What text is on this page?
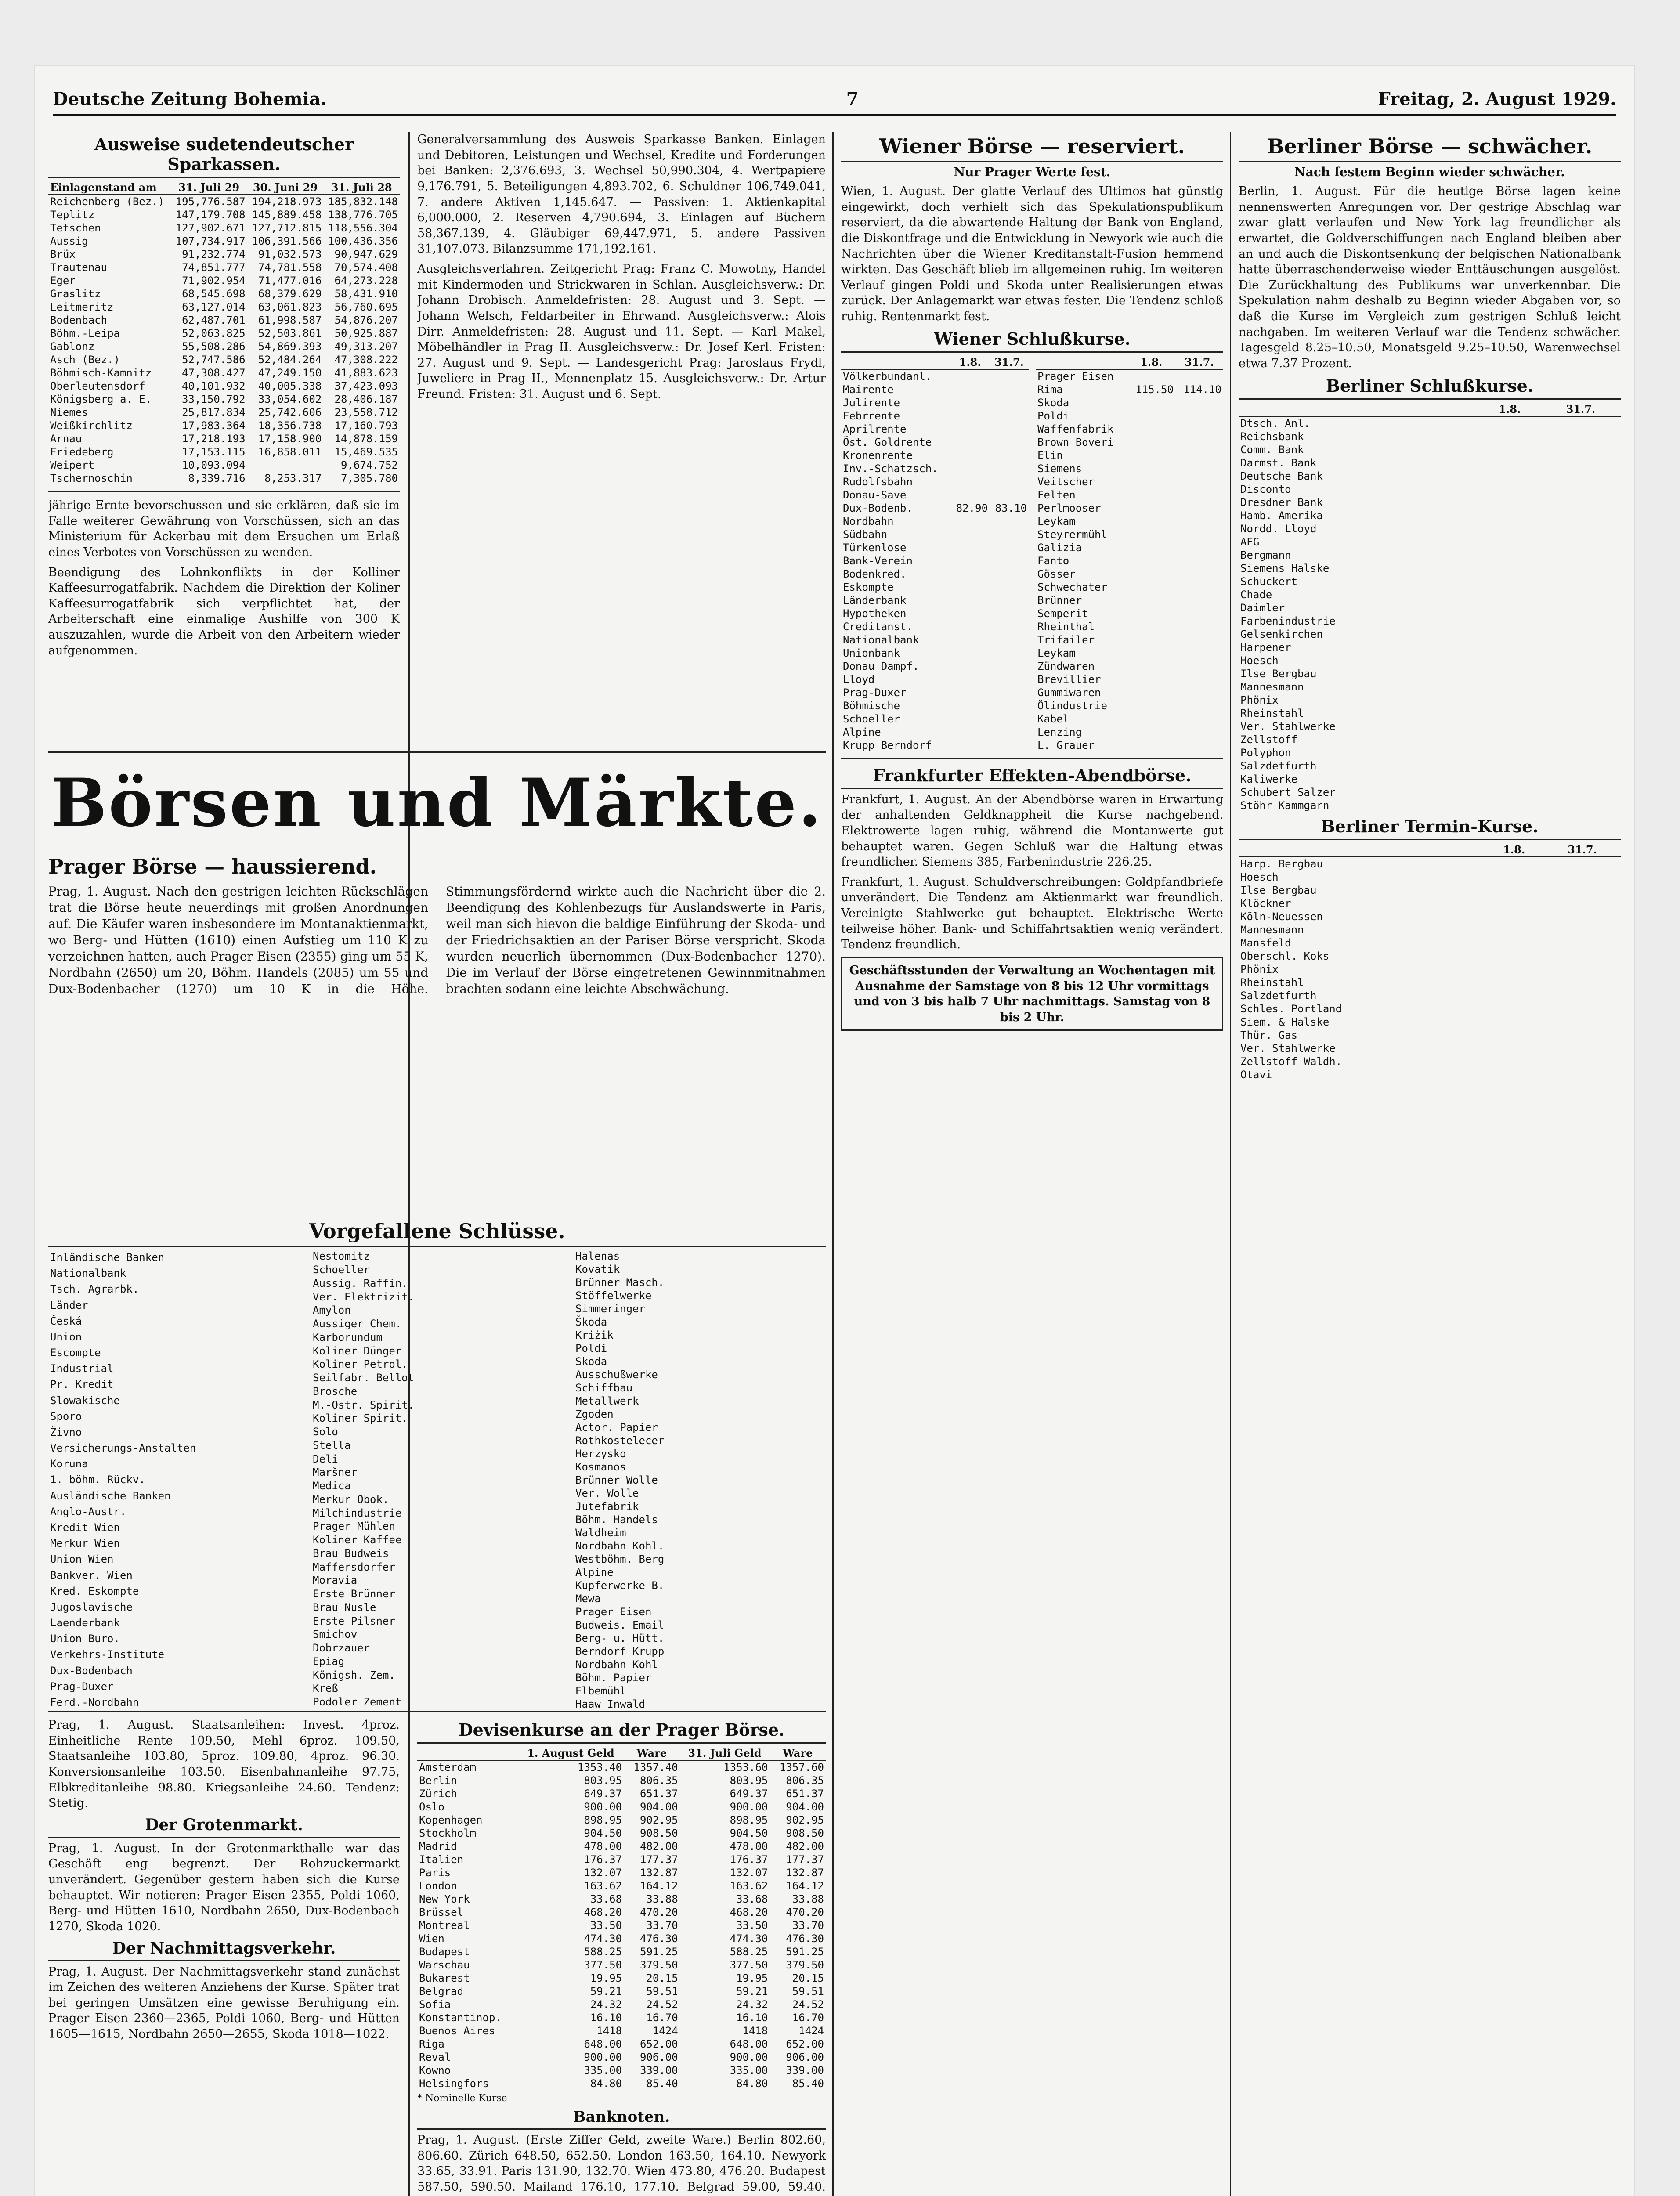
Deutsche Zeitung Bohemia.	7	Freitag, 2. August 1929.
Ausweise sudetendeutscher Sparkassen.
Einlagenstand am	31. Juli 29	30. Juni 29	31. Juli 28
Reichenberg (Bez.)	195,776.587	194,218.973	185,832.148
Teplitz	147,179.708	145,889.458	138,776.705
Tetschen	127,902.671	127,712.815	118,556.304
Aussig	107,734.917	106,391.566	100,436.356
Brüx	91,232.774	91,032.573	90,947.629
Trautenau	74,851.777	74,781.558	70,574.408
Eger	71,902.954	71,477.016	64,273.228
Graslitz	68,545.698	68,379.629	58,431.910
Leitmeritz	63,127.014	63,061.823	56,760.695
Bodenbach	62,487.701	61,998.587	54,876.207
Böhm.-Leipa	52,063.825	52,503.861	50,925.887
Gablonz	55,508.286	54,869.393	49,313.207
Asch (Bez.)	52,747.586	52,484.264	47,308.222
Böhmisch-Kamnitz	47,308.427	47,249.150	41,883.623
Oberleutensdorf	40,101.932	40,005.338	37,423.093
Königsberg a. E.	33,150.792	33,054.602	28,406.187
Niemes	25,817.834	25,742.606	23,558.712
Weißkirchlitz	17,983.364	18,356.738	17,160.793
Arnau	17,218.193	17,158.900	14,878.159
Friedeberg	17,153.115	16,858.011	15,469.535
Weipert	10,093.094		9,674.752
Tschernoschin	8,339.716	8,253.317	7,305.780

jährige Ernte bevorschussen und sie erklären, daß sie im Falle weiterer Gewährung von Vorschüssen, sich an das Ministerium für Ackerbau mit dem Ersuchen um Erlaß eines Verbotes von Vorschüssen zu wenden.

Beendigung des Lohnkonflikts in der Kolliner Kaffeesurrogatfabrik. Nachdem die Direktion der Koliner Kaffeesurrogatfabrik sich verpflichtet hat, der Arbeiterschaft eine einmalige Aushilfe von 300 K auszuzahlen, wurde die Arbeit von den Arbeitern wieder aufgenommen.

Generalversammlung des Ausweis Sparkasse Banken. Einlagen und Debitoren, Leistungen und Wechsel, Kredite und Forderungen bei Banken: 2,376.693, 3. Wechsel 50,990.304, 4. Wertpapiere 9,176.791, 5. Beteiligungen 4,893.702, 6. Schuldner 106,749.041, 7. andere Aktiven 1,145.647. — Passiven: 1. Aktienkapital 6,000.000, 2. Reserven 4,790.694, 3. Einlagen auf Büchern 58,367.139, 4. Gläubiger 69,447.971, 5. andere Passiven 31,107.073. Bilanzsumme 171,192.161.

Ausgleichsverfahren. Zeitgericht Prag: Franz C. Mowotny, Handel mit Kindermoden und Strickwaren in Schlan. Ausgleichsverw.: Dr. Johann Drobisch. Anmeldefristen: 28. August und 3. Sept. — Johann Welsch, Feldarbeiter in Ehrwand. Ausgleichsverw.: Alois Dirr. Anmeldefristen: 28. August und 11. Sept. — Karl Makel, Möbelhändler in Prag II. Ausgleichsverw.: Dr. Josef Kerl. Fristen: 27. August und 9. Sept. — Landesgericht Prag: Jaroslaus Frydl, Juweliere in Prag II., Mennenplatz 15. Ausgleichsverw.: Dr. Artur Freund. Fristen: 31. August und 6. Sept.

Börsen und Märkte.
Prager Börse — haussierend.

Prag, 1. August. Nach den gestrigen leichten Rückschlägen trat die Börse heute neuerdings mit großen Anordnungen auf. Die Käufer waren insbesondere im Montanaktienmarkt, wo Berg- und Hütten (1610) einen Aufstieg um 110 K zu verzeichnen hatten, auch Prager Eisen (2355) ging um 55 K, Nordbahn (2650) um 20, Böhm. Handels (2085) um 55 und Dux-Bodenbacher (1270) um 10 K in die Höhe. Stimmungsfördernd wirkte auch die Nachricht über die 2. Beendigung des Kohlenbezugs für Auslandswerte in Paris, weil man sich hievon die baldige Einführung der Skoda- und der Friedrichsaktien an der Pariser Börse verspricht. Skoda wurden neuerlich übernommen (Dux-Bodenbacher 1270). Die im Verlauf der Börse eingetretenen Gewinnmitnahmen brachten sodann eine leichte Abschwächung.

Vorgefallene Schlüsse.
Inländische Banken		
Nationalbank		
Tsch. Agrarbk.		
Länder		
Česká		
Union		
Escompte		
Industrial		
Pr. Kredit		
Slowakische		
Sporo		
Živno		
Versicherungs-Anstalten		
Koruna		
1. böhm. Rückv.		
Ausländische Banken		
Anglo-Austr.		
Kredit Wien		
Merkur Wien		
Union Wien		
Bankver. Wien		
Kred. Eskompte		
Jugoslavische		
Laenderbank		
Union Buro.		
Verkehrs-Institute		
Dux-Bodenbach		
Prag-Duxer		
Ferd.-Nordbahn		

Nestomitz		
Schoeller		
Aussig. Raffin.		
Ver. Elektrizit.		
Amylon		
Aussiger Chem.		
Karborundum		
Koliner Dünger		
Koliner Petrol.		
Seilfabr. Bellot		
Brosche		
M.-Ostr. Spirit.		
Koliner Spirit.		
Solo		
Stella		
Deli		
Maršner		
Medica		
Merkur Obok.		
Milchindustrie		
Prager Mühlen		
Koliner Kaffee		
Brau Budweis		
Maffersdorfer		
Moravia		
Erste Brünner		
Brau Nusle		
Erste Pilsner		
Smichov		
Dobrzauer		
Epiag		
Königsh. Zem.		
Kreß		
Podoler Zement		

Halenas		
Kovatik		
Brünner Masch.		
Stöffelwerke		
Simmeringer		
Škoda		
Kriżik		
Poldi		
Skoda		
Ausschußwerke		
Schiffbau		
Metallwerk		
Zgoden		
Actor. Papier		
Rothkostelecer		
Herzysko		
Kosmanos		
Brünner Wolle		
Ver. Wolle		
Jutefabrik		
Böhm. Handels		
Waldheim		
Nordbahn Kohl.		
Westböhm. Berg		
Alpine		
Kupferwerke B.		
Mewa		
Prager Eisen		
Budweis. Email		
Berg- u. Hütt.		
Berndorf Krupp		
Nordbahn Kohl		
Böhm. Papier		
Elbemühl		
Haaw Inwald		

Prag, 1. August. Staatsanleihen: Invest. 4proz. Einheitliche Rente 109.50, Mehl 6proz. 109.50, Staatsanleihe 103.80, 5proz. 109.80, 4proz. 96.30. Konversionsanleihe 103.50. Eisenbahnanleihe 97.75, Elbkreditanleihe 98.80. Kriegsanleihe 24.60. Tendenz: Stetig.

Der Grotenmarkt.

Prag, 1. August. In der Grotenmarkthalle war das Geschäft eng begrenzt. Der Rohzuckermarkt unverändert. Gegenüber gestern haben sich die Kurse behauptet. Wir notieren: Prager Eisen 2355, Poldi 1060, Berg- und Hütten 1610, Nordbahn 2650, Dux-Bodenbach 1270, Skoda 1020.

Der Nachmittagsverkehr.

Prag, 1. August. Der Nachmittagsverkehr stand zunächst im Zeichen des weiteren Anziehens der Kurse. Später trat bei geringen Umsätzen eine gewisse Beruhigung ein. Prager Eisen 2360—2365, Poldi 1060, Berg- und Hütten 1605—1615, Nordbahn 2650—2655, Skoda 1018—1022.

Devisenkurse an der Prager Börse.
	1. August Geld	Ware	31. Juli Geld	Ware
Amsterdam	1353.40	1357.40	1353.60	1357.60
Berlin	803.95	806.35	803.95	806.35
Zürich	649.37	651.37	649.37	651.37
Oslo	900.00	904.00	900.00	904.00
Kopenhagen	898.95	902.95	898.95	902.95
Stockholm	904.50	908.50	904.50	908.50
Madrid	478.00	482.00	478.00	482.00
Italien	176.37	177.37	176.37	177.37
Paris	132.07	132.87	132.07	132.87
London	163.62	164.12	163.62	164.12
New York	33.68	33.88	33.68	33.88
Brüssel	468.20	470.20	468.20	470.20
Montreal	33.50	33.70	33.50	33.70
Wien	474.30	476.30	474.30	476.30
Budapest	588.25	591.25	588.25	591.25
Warschau	377.50	379.50	377.50	379.50
Bukarest	19.95	20.15	19.95	20.15
Belgrad	59.21	59.51	59.21	59.51
Sofia	24.32	24.52	24.32	24.52
Konstantinop.	16.10	16.70	16.10	16.70
Buenos Aires	1418	1424	1418	1424
Riga	648.00	652.00	648.00	652.00
Reval	900.00	906.00	900.00	906.00
Kowno	335.00	339.00	335.00	339.00
Helsingfors	84.80	85.40	84.80	85.40
* Nominelle Kurse
Banknoten.

Prag, 1. August. (Erste Ziffer Geld, zweite Ware.) Berlin 802.60, 806.60. Zürich 648.50, 652.50. London 163.50, 164.10. Newyork 33.65, 33.91. Paris 131.90, 132.70. Wien 473.80, 476.20. Budapest 587.50, 590.50. Mailand 176.10, 177.10. Belgrad 59.00, 59.40.

Wiener Börse — reserviert.
Nur Prager Werte fest.

Wien, 1. August. Der glatte Verlauf des Ultimos hat günstig eingewirkt, doch verhielt sich das Spekulationspublikum reserviert, da die abwartende Haltung der Bank von England, die Diskontfrage und die Entwicklung in Newyork wie auch die Nachrichten über die Wiener Kreditanstalt-Fusion hemmend wirkten. Das Geschäft blieb im allgemeinen ruhig. Im weiteren Verlauf gingen Poldi und Skoda unter Realisierungen etwas zurück. Der Anlagemarkt war etwas fester. Die Tendenz schloß ruhig. Rentenmarkt fest.

Wiener Schlußkurse.
	1.8.	31.7.
Völkerbundanl.		
Mairente		
Julirente		
Febrrente		
Aprilrente		
Öst. Goldrente		
Kronenrente		
Inv.-Schatzsch.		
Rudolfsbahn		
Donau-Save		
Dux-Bodenb.	82.90	83.10
Nordbahn		
Südbahn		
Türkenlose		
Bank-Verein		
Bodenkred.		
Eskompte		
Länderbank		
Hypotheken		
Creditanst.		
Nationalbank		
Unionbank		
Donau Dampf.		
Lloyd		
Prag-Duxer		
Böhmische		
Schoeller		
Alpine		
Krupp Berndorf		
	1.8.	31.7.
Prager Eisen		
Rima	115.50	114.10
Skoda		
Poldi		
Waffenfabrik		
Brown Boveri		
Elin		
Siemens		
Veitscher		
Felten		
Perlmooser		
Leykam		
Steyrermühl		
Galizia		
Fanto		
Gösser		
Schwechater		
Brünner		
Semperit		
Rheinthal		
Trifailer		
Leykam		
Zündwaren		
Brevillier		
Gummiwaren		
Ölindustrie		
Kabel		
Lenzing		
L. Grauer		
Frankfurter Effekten-Abendbörse.

Frankfurt, 1. August. An der Abendbörse waren in Erwartung der anhaltenden Geldknappheit die Kurse nachgebend. Elektrowerte lagen ruhig, während die Montanwerte gut behauptet waren. Gegen Schluß war die Haltung etwas freundlicher. Siemens 385, Farbenindustrie 226.25.

Frankfurt, 1. August. Schuldverschreibungen: Goldpfandbriefe unverändert. Die Tendenz am Aktienmarkt war freundlich. Vereinigte Stahlwerke gut behauptet. Elektrische Werte teilweise höher. Bank- und Schiffahrtsaktien wenig verändert. Tendenz freundlich.

Geschäftsstunden der Verwaltung an Wochentagen mit Ausnahme der Samstage von 8 bis 12 Uhr vormittags und von 3 bis halb 7 Uhr nachmittags. Samstag von 8 bis 2 Uhr.

Berliner Börse — schwächer.
Nach festem Beginn wieder schwächer.

Berlin, 1. August. Für die heutige Börse lagen keine nennenswerten Anregungen vor. Der gestrige Abschlag war zwar glatt verlaufen und New York lag freundlicher als erwartet, die Goldverschiffungen nach England bleiben aber an und auch die Diskontsenkung der belgischen Nationalbank hatte überraschenderweise wieder Enttäuschungen ausgelöst. Die Zurückhaltung des Publikums war unverkennbar. Die Spekulation nahm deshalb zu Beginn wieder Abgaben vor, so daß die Kurse im Vergleich zum gestrigen Schluß leicht nachgaben. Im weiteren Verlauf war die Tendenz schwächer. Tagesgeld 8.25–10.50, Monatsgeld 9.25–10.50, Warenwechsel etwa 7.37 Prozent.

Berliner Schlußkurse.
	1.8.	31.7.
Dtsch. Anl.		
Reichsbank		
Comm. Bank		
Darmst. Bank		
Deutsche Bank		
Disconto		
Dresdner Bank		
Hamb. Amerika		
Nordd. Lloyd		
AEG		
Bergmann		
Siemens Halske		
Schuckert		
Chade		
Daimler		
Farbenindustrie		
Gelsenkirchen		
Harpener		
Hoesch		
Ilse Bergbau		
Mannesmann		
Phönix		
Rheinstahl		
Ver. Stahlwerke		
Zellstoff		
Polyphon		
Salzdetfurth		
Kaliwerke		
Schubert Salzer		
Stöhr Kammgarn		
Berliner Termin-Kurse.
	1.8.	31.7.
Harp. Bergbau		
Hoesch		
Ilse Bergbau		
Klöckner		
Köln-Neuessen		
Mannesmann		
Mansfeld		
Oberschl. Koks		
Phönix		
Rheinstahl		
Salzdetfurth		
Schles. Portland		
Siem. & Halske		
Thür. Gas		
Ver. Stahlwerke		
Zellstoff Waldh.		
Otavi		
